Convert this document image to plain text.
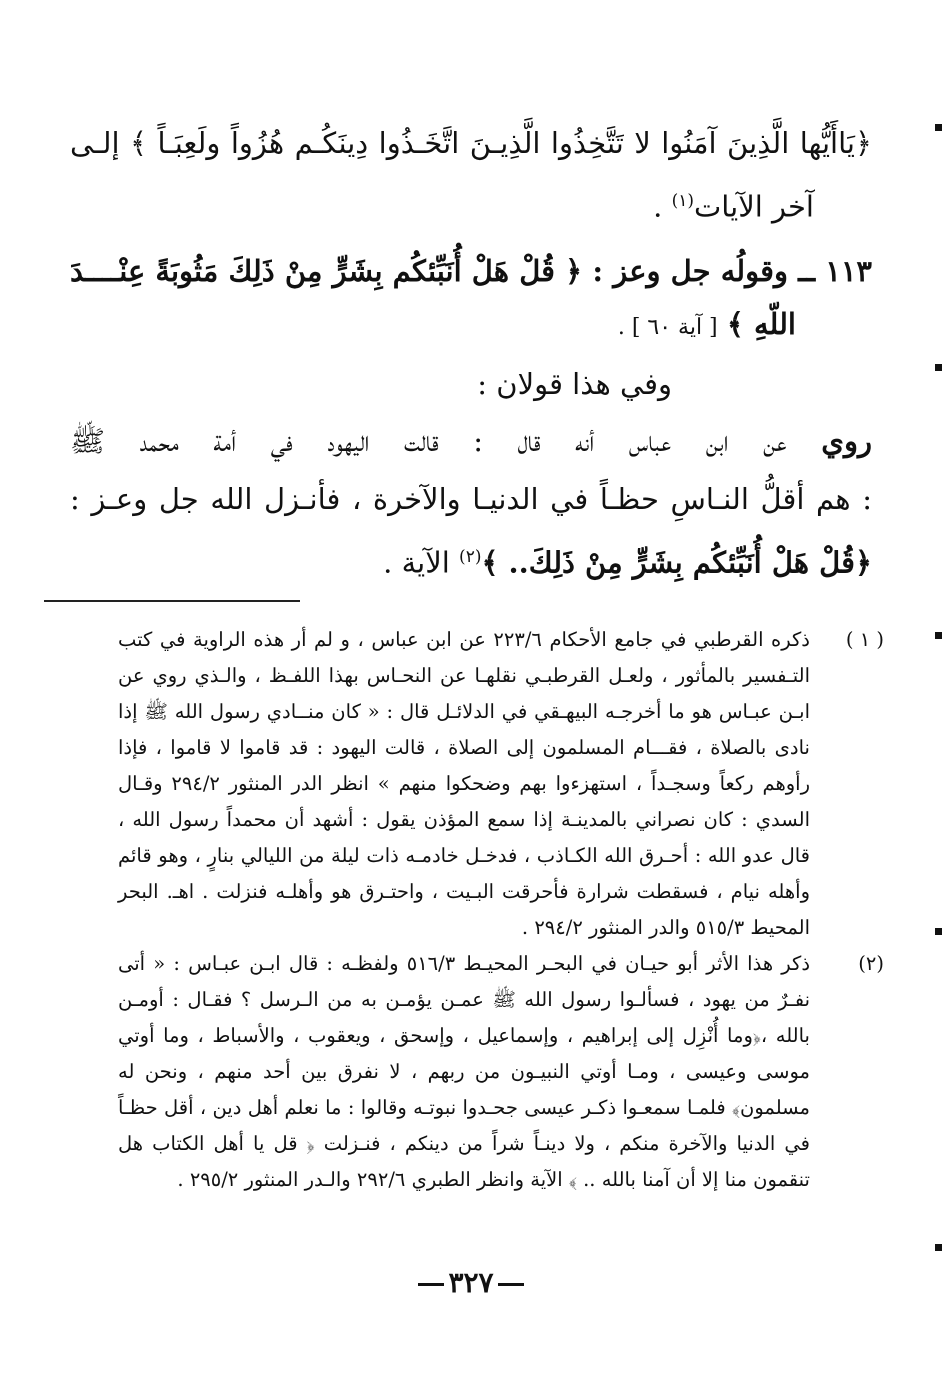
﴿يَاأَيُّها الَّذِينَ آمَنُوا لا تَتَّخِذُوا الَّذِيـنَ اتَّخَـذُوا دِينَكُـم هُزُواً ولَعِبَـاً ﴾ إلـى
آخر الآيات$^{(١)}$ .
١١٣ ــ وقولُه جل وعز : ﴿ قُلْ هَلْ أُنَبِّئكُم بِشَرٍّ مِنْ ذَلِكَ مَثُوبَةً عِنْــــدَ
اللّهِ ﴾ [ آية ٦٠ ] .
وفي هذا قولان :
روي عن ابن عباس أنه قال : قالت اليهود في أمة محمد ﷺ
: هم أقلُّ النـاسِ حظـاً في الدنيـا والآخرة ، فأنـزل الله جل وعـز :
﴿قُلْ هَلْ أُنَبِّئكُم بِشَرٍّ مِنْ ذَلِكَ.. ﴾$^{(٢)}$ الآية .
( ١ )
ذكره القرطبي في جامع الأحكام ٢٢٣/٦ عن ابن عباس ، و لم أر هذه الراوية في كتب التـفسير بالمأثور ، ولعـل القرطبـي نقلهـا عن النحـاس بهذا اللفـظ ، والـذي روي عن ابـن عبـاس هو ما أخرجـه البيهـقي في الدلائـل قال : « كان منــادي رسول الله ﷺ إذا نادى بالصلاة ، فقـــام المسلمون إلى الصلاة ، قالت اليهود : قد قاموا لا قاموا ، فإذا رأوهم ركعاً وسجـداً ، استهزءوا بهم وضحكوا منهم » انظر الدر المنثور ٢٩٤/٢ وقـال السدي : كان نصراني بالمدينـة إذا سمع المؤذن يقول : أشهد أن محمداً رسول الله ، قال عدو الله : أحـرق الله الكـاذب ، فدخـل خادمـه ذات ليلة من الليالي بنارٍ ، وهو قائم وأهله نيام ، فسقطت شرارة فأحرقت البـيت ، واحتـرق هو وأهلـه فنزلت . اهـ. البحر المحيط ٥١٥/٣ والدر المنثور ٢٩٤/٢ .
(٢)
ذكر هذا الأثر أبو حيـان في البحـر المحيـط ٥١٦/٣ ولفظـه : قال ابـن عبـاس : « أتى نفـرٌ من يهود ، فسألـوا رسول الله ﷺ عمـن يؤمـن به من الـرسل ؟ فقـال : أومـن بالله ،﴿وما أُنْزِل إلى إبراهيم ، وإسماعيل ، وإسحق ، ويعقوب ، والأسباط ، وما أوتي موسى وعيسى ، ومـا أوتي النبيـون من ربهم ، لا نفرق بين أحد منهم ، ونحن له مسلمون﴾ فلمـا سمعـوا ذكـر عيسى جحـدوا نبوتـه وقالوا : ما نعلم أهل دين ، أقل حظـاً في الدنيا والآخرة منكم ، ولا دينـاً شراً من دينكم ، فنـزلت ﴿ قل يا أهل الكتاب هل تنقمون منا إلا أن آمنا بالله .. ﴾ الآية وانظر الطبري ٢٩٢/٦ والـدر المنثور ٢٩٥/٢ .
٣٢٧
